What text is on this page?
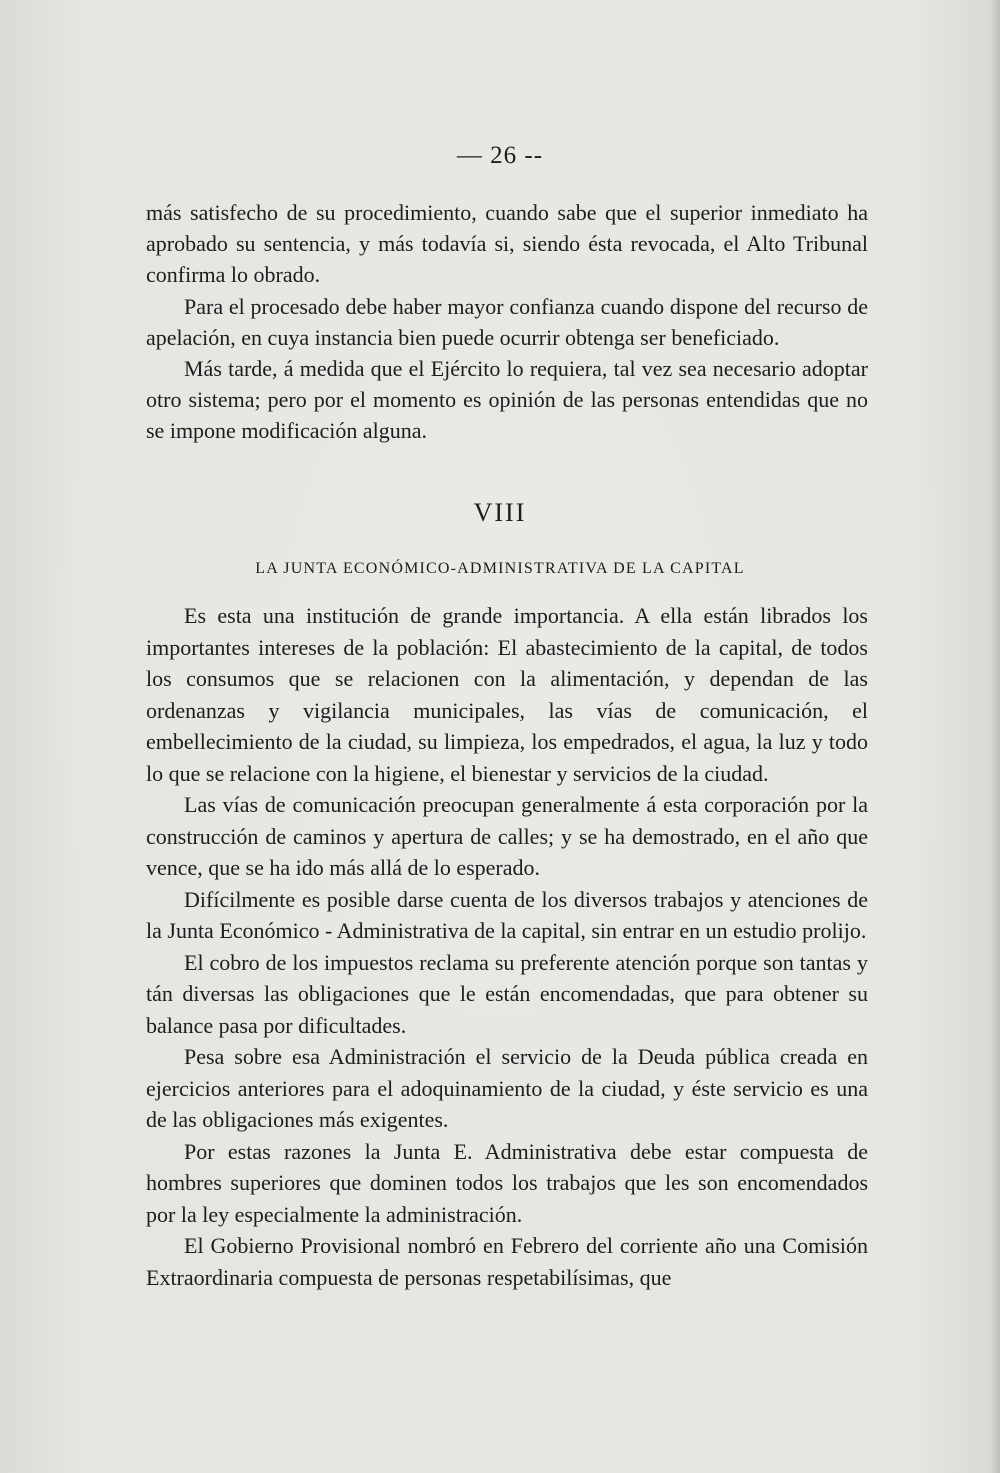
— 26 --

más satisfecho de su procedimiento, cuando sabe que el superior inmediato ha aprobado su sentencia, y más todavía si, siendo ésta revocada, el Alto Tribunal confirma lo obrado.

Para el procesado debe haber mayor confianza cuando dispone del recurso de apelación, en cuya instancia bien puede ocurrir obtenga ser beneficiado.

Más tarde, á medida que el Ejército lo requiera, tal vez sea necesario adoptar otro sistema; pero por el momento es opinión de las personas entendidas que no se impone modificación alguna.

VIII
LA JUNTA ECONÓMICO-ADMINISTRATIVA DE LA CAPITAL

Es esta una institución de grande importancia. A ella están librados los importantes intereses de la población: El abastecimiento de la capital, de todos los consumos que se relacionen con la alimentación, y dependan de las ordenanzas y vigilancia municipales, las vías de comunicación, el embellecimiento de la ciudad, su limpieza, los empedrados, el agua, la luz y todo lo que se relacione con la higiene, el bienestar y servicios de la ciudad.

Las vías de comunicación preocupan generalmente á esta corporación por la construcción de caminos y apertura de calles; y se ha demostrado, en el año que vence, que se ha ido más allá de lo esperado.

Difícilmente es posible darse cuenta de los diversos trabajos y atenciones de la Junta Económico - Administrativa de la capital, sin entrar en un estudio prolijo.

El cobro de los impuestos reclama su preferente atención porque son tantas y tán diversas las obligaciones que le están encomendadas, que para obtener su balance pasa por dificultades.

Pesa sobre esa Administración el servicio de la Deuda pública creada en ejercicios anteriores para el adoquinamiento de la ciudad, y éste servicio es una de las obligaciones más exigentes.

Por estas razones la Junta E. Administrativa debe estar compuesta de hombres superiores que dominen todos los trabajos que les son encomendados por la ley especialmente la administración.

El Gobierno Provisional nombró en Febrero del corriente año una Comisión Extraordinaria compuesta de personas respetabilísimas, que
